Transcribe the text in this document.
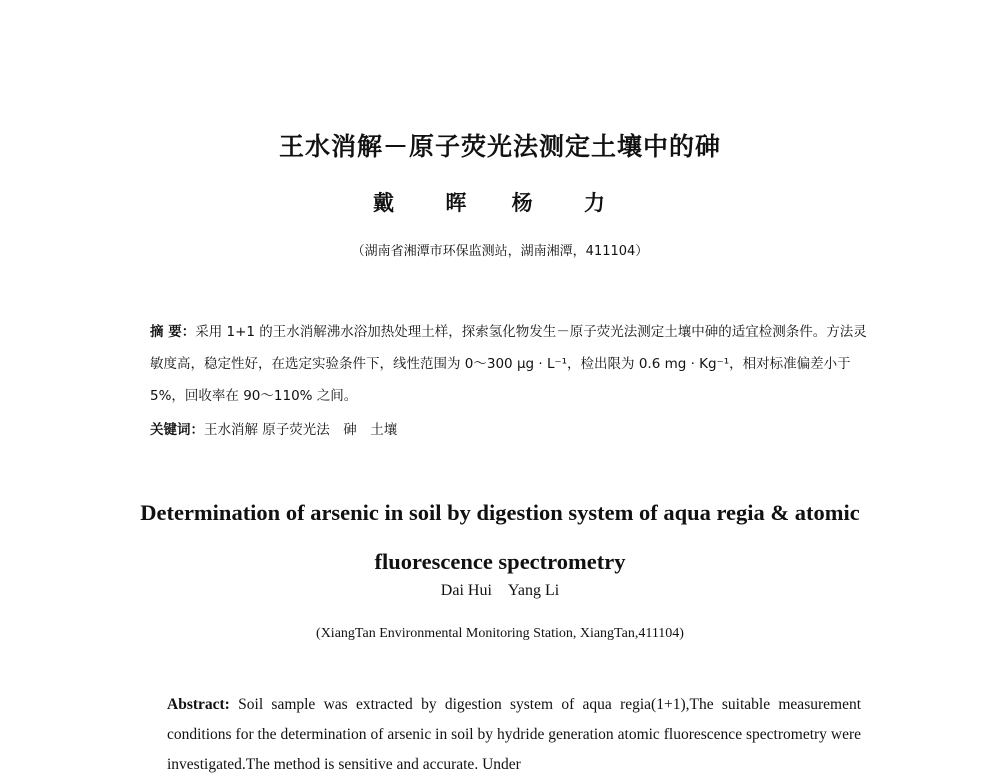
王水消解－原子荧光法测定土壤中的砷
戴 晖 杨 力
（湖南省湘潭市环保监测站，湖南湘潭，411104）

摘 要：采用 1+1 的王水消解沸水浴加热处理土样，探索氢化物发生－原子荧光法测定土壤中砷的适宜检测条件。方法灵敏度高，稳定性好，在选定实验条件下，线性范围为 0～300 μg · L⁻¹，检出限为 0.6 mg · Kg⁻¹，相对标准偏差小于 5%，回收率在 90～110% 之间。

关键词：王水消解 原子荧光法　砷　土壤
Determination of arsenic in soil by digestion system of aqua regia & atomic fluorescence spectrometry
Dai Hui Yang Li
(XiangTan Environmental Monitoring Station, XiangTan,411104)
Abstract: Soil sample was extracted by digestion system of aqua regia(1+1),The suitable measurement conditions for the determination of arsenic in soil by hydride generation atomic fluorescence spectrometry were investigated.The method is sensitive and accurate. Under
